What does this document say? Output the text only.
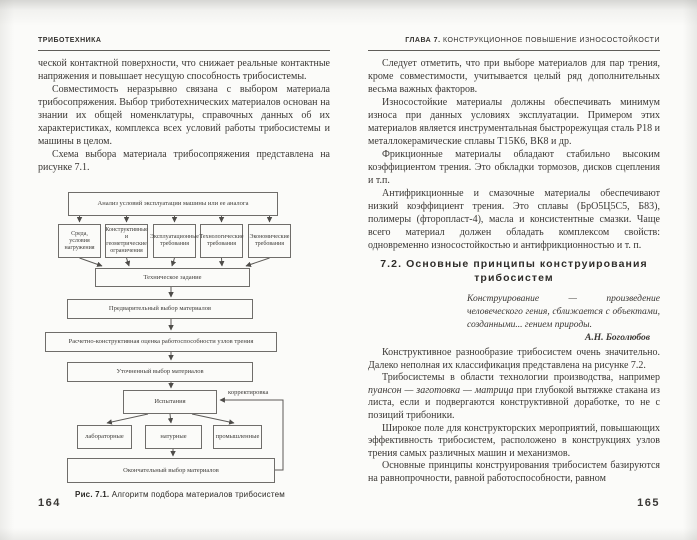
ТРИБОТЕХНИКА

ческой контактной поверхности, что снижает реальные контактные напряжения и повышает несущую способность трибосистемы.

Совместимость неразрывно связана с выбором материала трибосопряжения. Выбор триботехнических материалов основан на знании их общей номенклатуры, справочных данных об их характеристиках, комплекса всех условий работы трибосистемы и машины в целом.

Схема выбора материала трибосопряжения представлена на рисунке 7.1.

Анализ условий эксплуатации машины или ее аналога
Среда, условия нагружения
Конструктивные и геометрические ограничения
Эксплуатационные требования
Технологические требования
Экономические требования
Техническое задание
Предварительный выбор материалов
Расчетно-конструктивная оценка работоспособности узлов трения
Уточненный выбор материалов
Испытания
корректировка
лабораторные	натурные	промышленные
Окончательный выбор материалов
Рис. 7.1. Алгоритм подбора материалов трибосистем
164
ГЛАВА 7. КОНСТРУКЦИОННОЕ ПОВЫШЕНИЕ ИЗНОСОСТОЙКОСТИ

Следует отметить, что при выборе материалов для пар трения, кроме совместимости, учитывается целый ряд дополнительных весьма важных факторов.

Износостойкие материалы должны обеспечивать минимум износа при данных условиях эксплуатации. Примером этих материалов является инструментальная быстрорежущая сталь Р18 и металлокерамические сплавы Т15К6, ВК8 и др.

Фрикционные материалы обладают стабильно высоким коэффициентом трения. Это обкладки тормозов, дисков сцепления и т.п.

Антифрикционные и смазочные материалы обеспечивают низкий коэффициент трения. Это сплавы (БрО5Ц5С5, Б83), полимеры (фторопласт-4), масла и консистентные смазки. Чаще всего материал должен обладать комплексом свойств: одновременно износостойкостью и антифрикционностью и т. п.

7.2. Основные принципы конструирования трибосистем
Конструирование — произведение человеческого гения, сближается с объектами, созданными... гением природы.
А.Н. Боголюбов

Конструктивное разнообразие трибосистем очень значительно. Далеко неполная их классификация представлена на рисунке 7.2.

Трибосистемы в области технологии производства, например пуансон — заготовка — матрица при глубокой вытяжке стакана из листа, если и подвергаются конструктивной доработке, то не с позиций трибоники.

Широкое поле для конструкторских мероприятий, повышающих эффективность трибосистем, расположено в конструкциях узлов трения самых различных машин и механизмов.

Основные принципы конструирования трибосистем базируются на равнопрочности, равной работоспособности, равном

165
